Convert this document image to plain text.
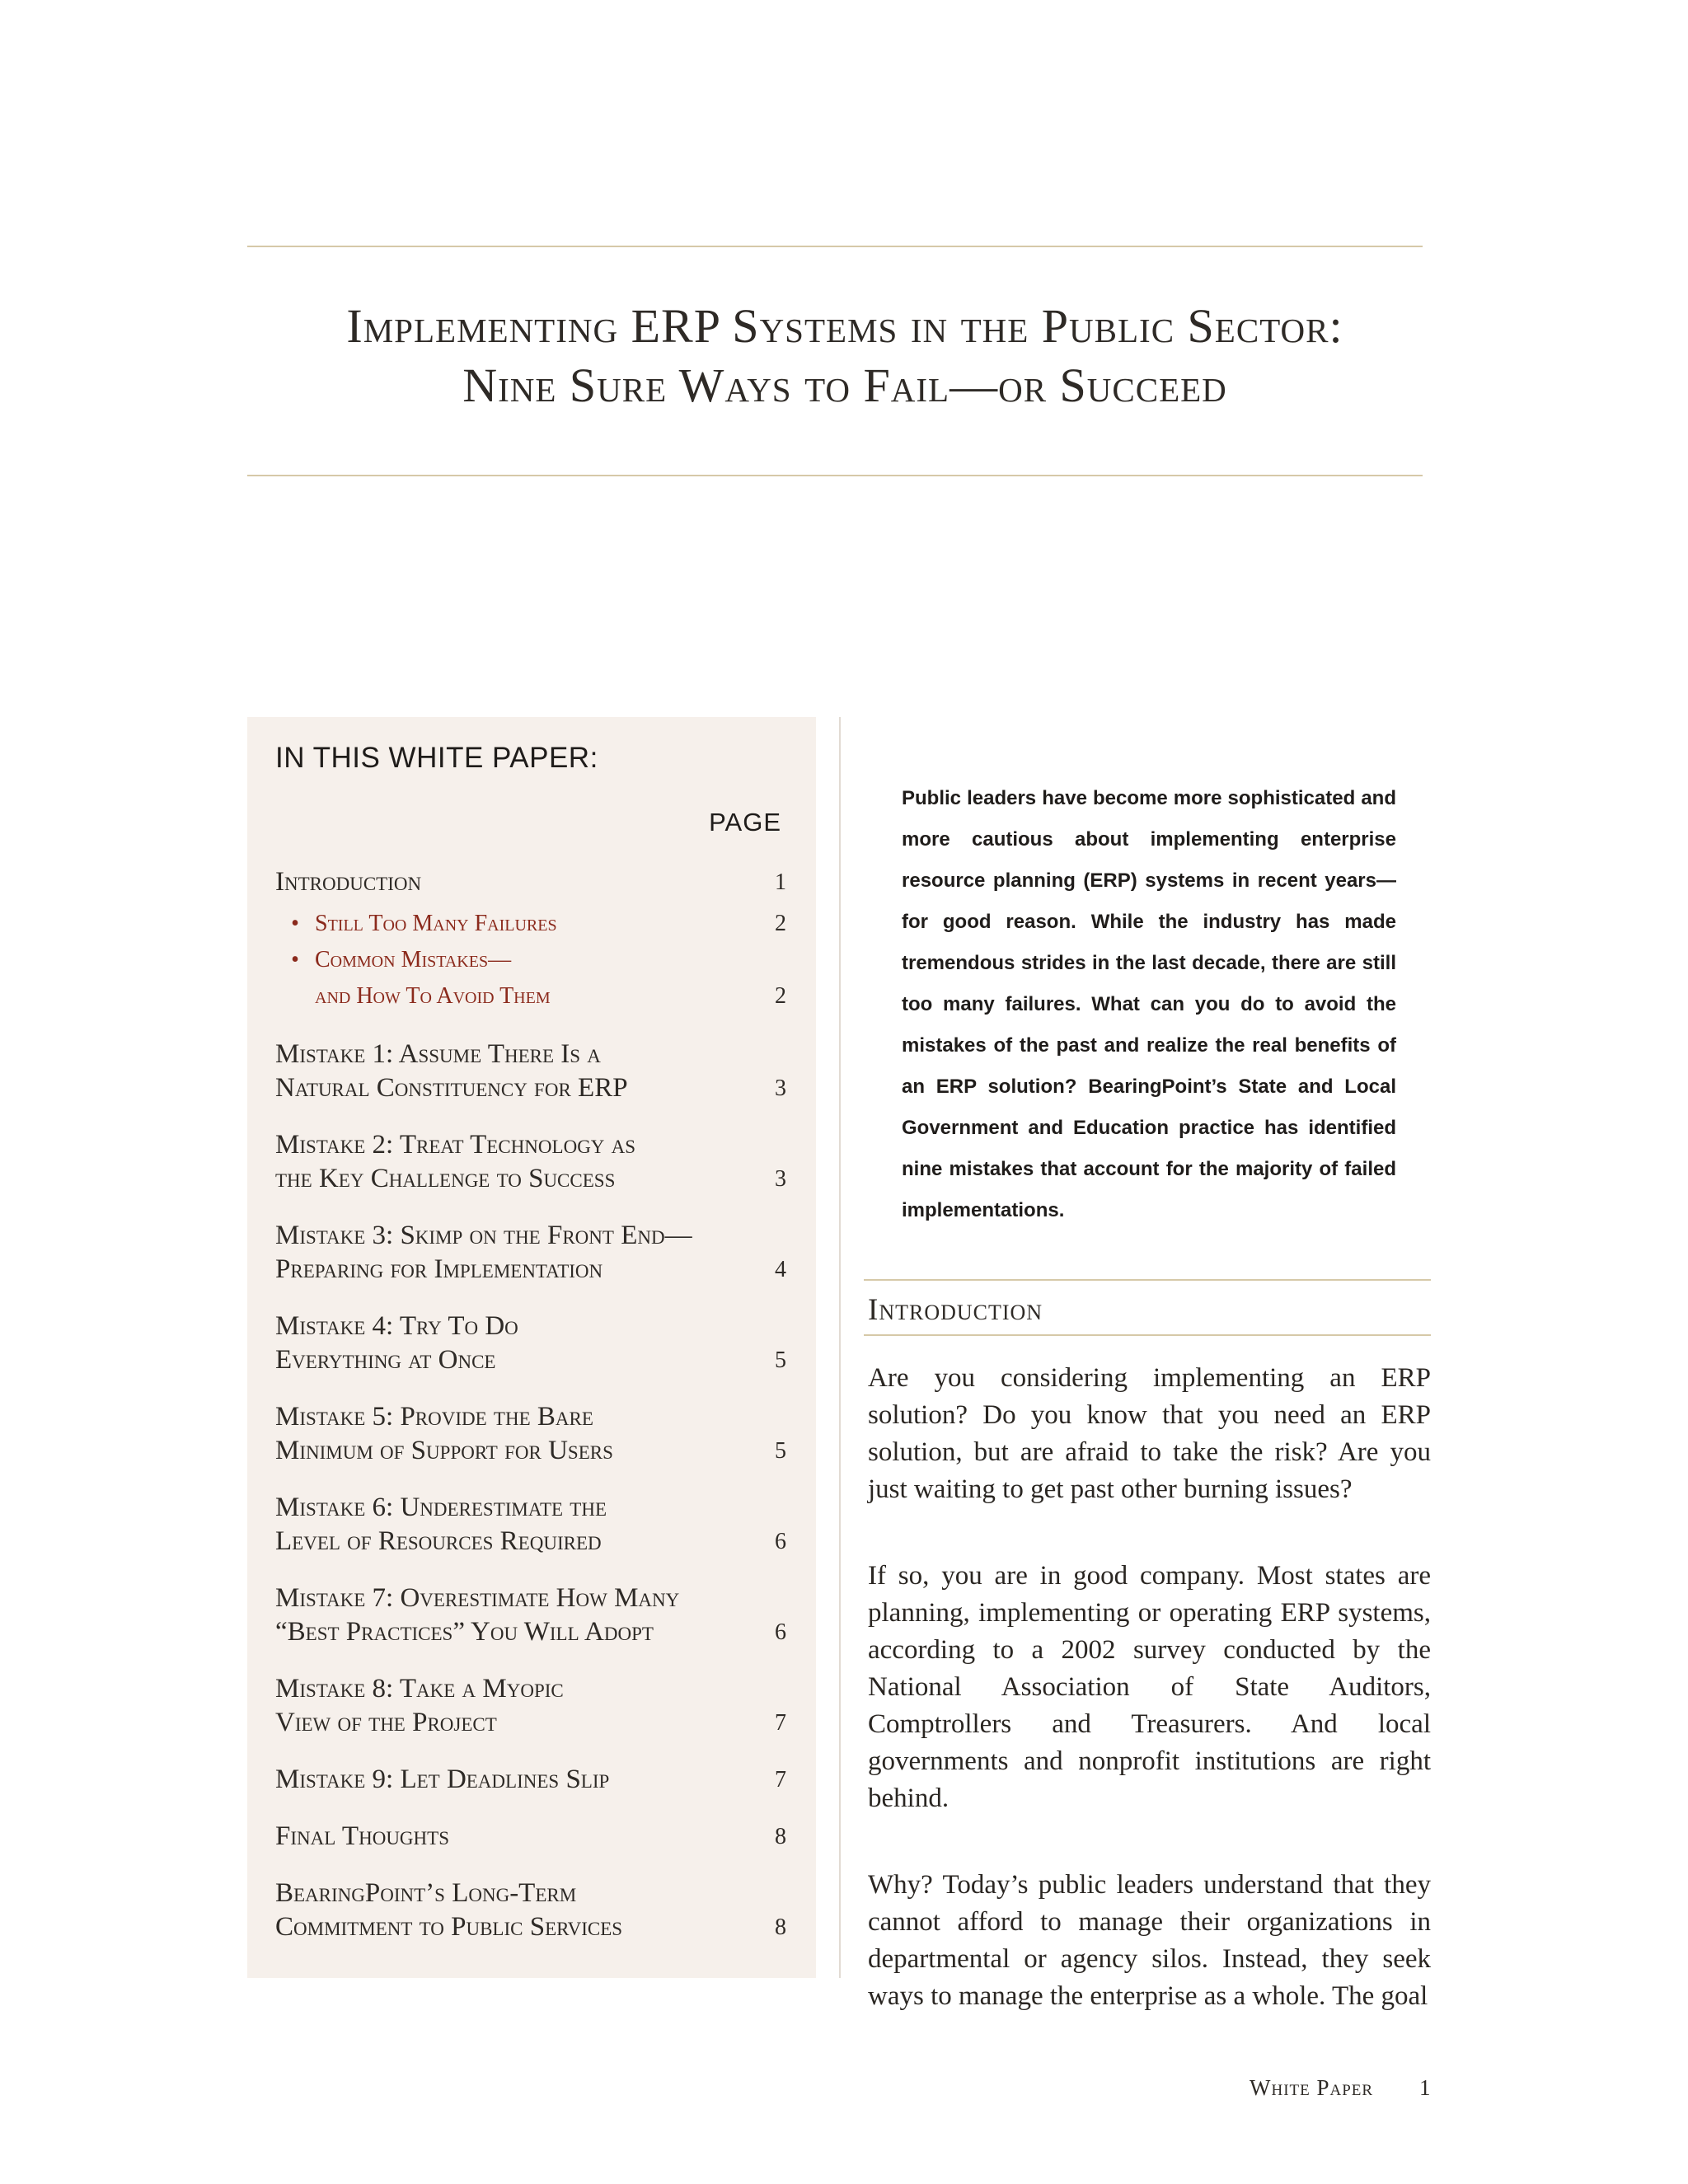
Implementing ERP Systems in the Public Sector:
Nine Sure Ways to Fail—or Succeed
IN THIS WHITE PAPER:
PAGE
Introduction	1
• Still Too Many Failures	2
• Common Mistakes—
and How To Avoid Them	2
Mistake 1: Assume There Is a
Natural Constituency for ERP	3
Mistake 2: Treat Technology as
the Key Challenge to Success	3
Mistake 3: Skimp on the Front End—
Preparing for Implementation	4
Mistake 4: Try To Do
Everything at Once	5
Mistake 5: Provide the Bare
Minimum of Support for Users	5
Mistake 6: Underestimate the
Level of Resources Required	6
Mistake 7: Overestimate How Many
“Best Practices” You Will Adopt	6
Mistake 8: Take a Myopic
View of the Project	7
Mistake 9: Let Deadlines Slip	7
Final Thoughts	8
BearingPoint’s Long-Term
Commitment to Public Services	8
Public leaders have become more sophisticated and more cautious about implementing enterprise resource planning (ERP) systems in recent years—for good reason. While the industry has made tremendous strides in the last decade, there are still too many failures. What can you do to avoid the mistakes of the past and realize the real benefits of an ERP solution? BearingPoint’s State and Local Government and Education practice has identified nine mistakes that account for the majority of failed implementations.
Introduction

Are you considering implementing an ERP solution? Do you know that you need an ERP solution, but are afraid to take the risk? Are you just waiting to get past other burning issues?

If so, you are in good company. Most states are planning, implementing or operating ERP systems, according to a 2002 survey conducted by the National Association of State Auditors, Comptrollers and Treasurers. And local governments and nonprofit institutions are right behind.

Why? Today’s public leaders understand that they cannot afford to manage their organizations in departmental or agency silos. Instead, they seek ways to manage the enterprise as a whole. The goal

White Paper 1
